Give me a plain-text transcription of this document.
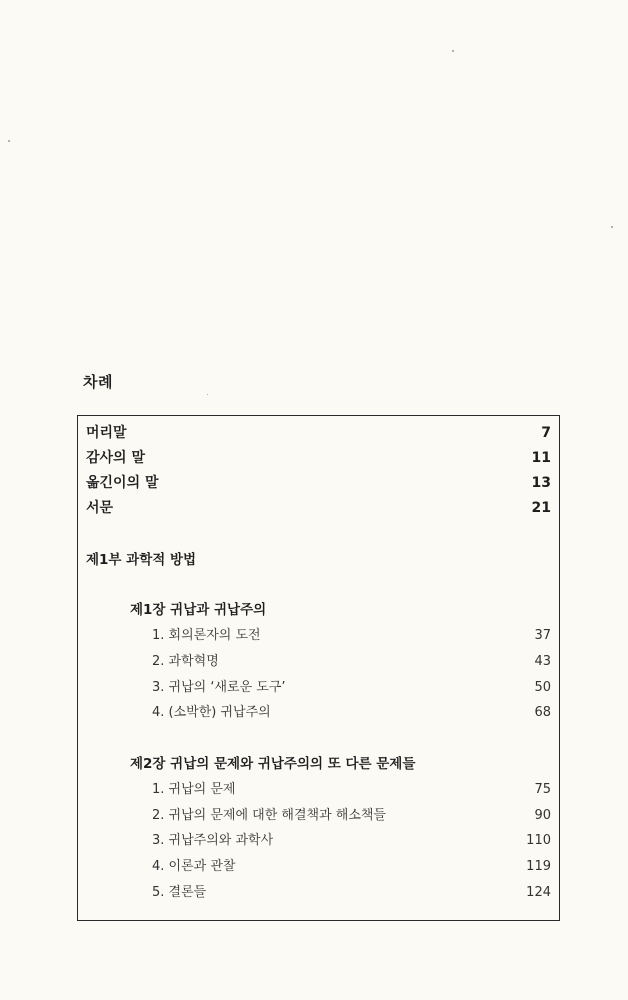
차례
머리말	7
감사의 말	11
옮긴이의 말	13
서문	21
제1부 과학적 방법
제1장 귀납과 귀납주의
1. 회의론자의 도전	37
2. 과학혁명	43
3. 귀납의 ‘새로운 도구’	50
4. (소박한) 귀납주의	68
제2장 귀납의 문제와 귀납주의의 또 다른 문제들
1. 귀납의 문제	75
2. 귀납의 문제에 대한 해결책과 해소책들	90
3. 귀납주의와 과학사	110
4. 이론과 관찰	119
5. 결론들	124
